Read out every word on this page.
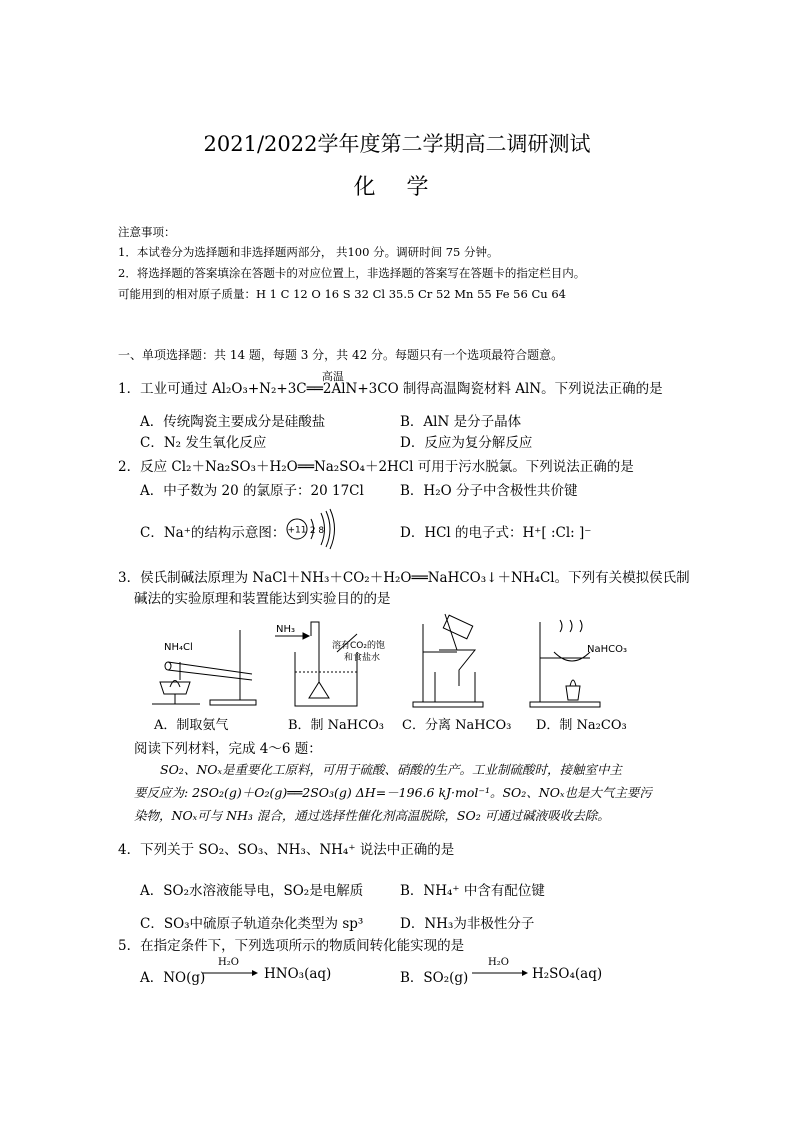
2021/2022学年度第二学期高二调研测试
化 学
注意事项：
1．本试卷分为选择题和非选择题两部分， 共100 分。调研时间 75 分钟。
2．将选择题的答案填涂在答题卡的对应位置上，非选择题的答案写在答题卡的指定栏目内。
可能用到的相对原子质量：H 1 C 12 O 16 S 32 Cl 35.5 Cr 52 Mn 55 Fe 56 Cu 64
一、单项选择题：共 14 题，每题 3 分，共 42 分。每题只有一个选项最符合题意。
1．工业可通过
高温
Al₂O₃+N₂+3C══2AlN+3CO 制得高温陶瓷材料 AlN。下列说法正确的是
A．传统陶瓷主要成分是硅酸盐	B．AlN 是分子晶体
C．N₂ 发生氧化反应	D．反应为复分解反应
2．反应 Cl₂＋Na₂SO₃＋H₂O══Na₂SO₄＋2HCl 可用于污水脱氯。下列说法正确的是
A．中子数为 20 的氯原子：20 17Cl	B．H₂O 分子中含极性共价键
C．Na⁺的结构示意图： +11 2 8	D．HCl 的电子式：H⁺[ :Cl: ]⁻
3．侯氏制碱法原理为 NaCl＋NH₃＋CO₂＋H₂O══NaHCO₃↓＋NH₄Cl。下列有关模拟侯氏制
碱法的实验原理和装置能达到实验目的的是
NH₄Cl
NH₃
溶有CO₂的饱
和食盐水
NaHCO₃
A．制取氨气	B．制 NaHCO₃ C．分离 NaHCO₃ D．制 Na₂CO₃
阅读下列材料，完成 4～6 题：
SO₂、NOₓ是重要化工原料，可用于硫酸、硝酸的生产。工业制硫酸时，接触室中主
要反应为: 2SO₂(g)＋O₂(g)══2SO₃(g) ΔH=－196.6 kJ·mol⁻¹。SO₂、NOₓ也是大气主要污
染物，NOₓ可与 NH₃ 混合，通过选择性催化剂高温脱除，SO₂ 可通过碱液吸收去除。
4．下列关于 SO₂、SO₃、NH₃、NH₄⁺ 说法中正确的是
A．SO₂水溶液能导电，SO₂是电解质	B．NH₄⁺ 中含有配位键
C．SO₃中硫原子轨道杂化类型为 sp³	D．NH₃为非极性分子
5．在指定条件下，下列选项所示的物质间转化能实现的是
A．NO(g)
H₂O
HNO₃(aq)	B．SO₂(g)
H₂O
H₂SO₄(aq)
